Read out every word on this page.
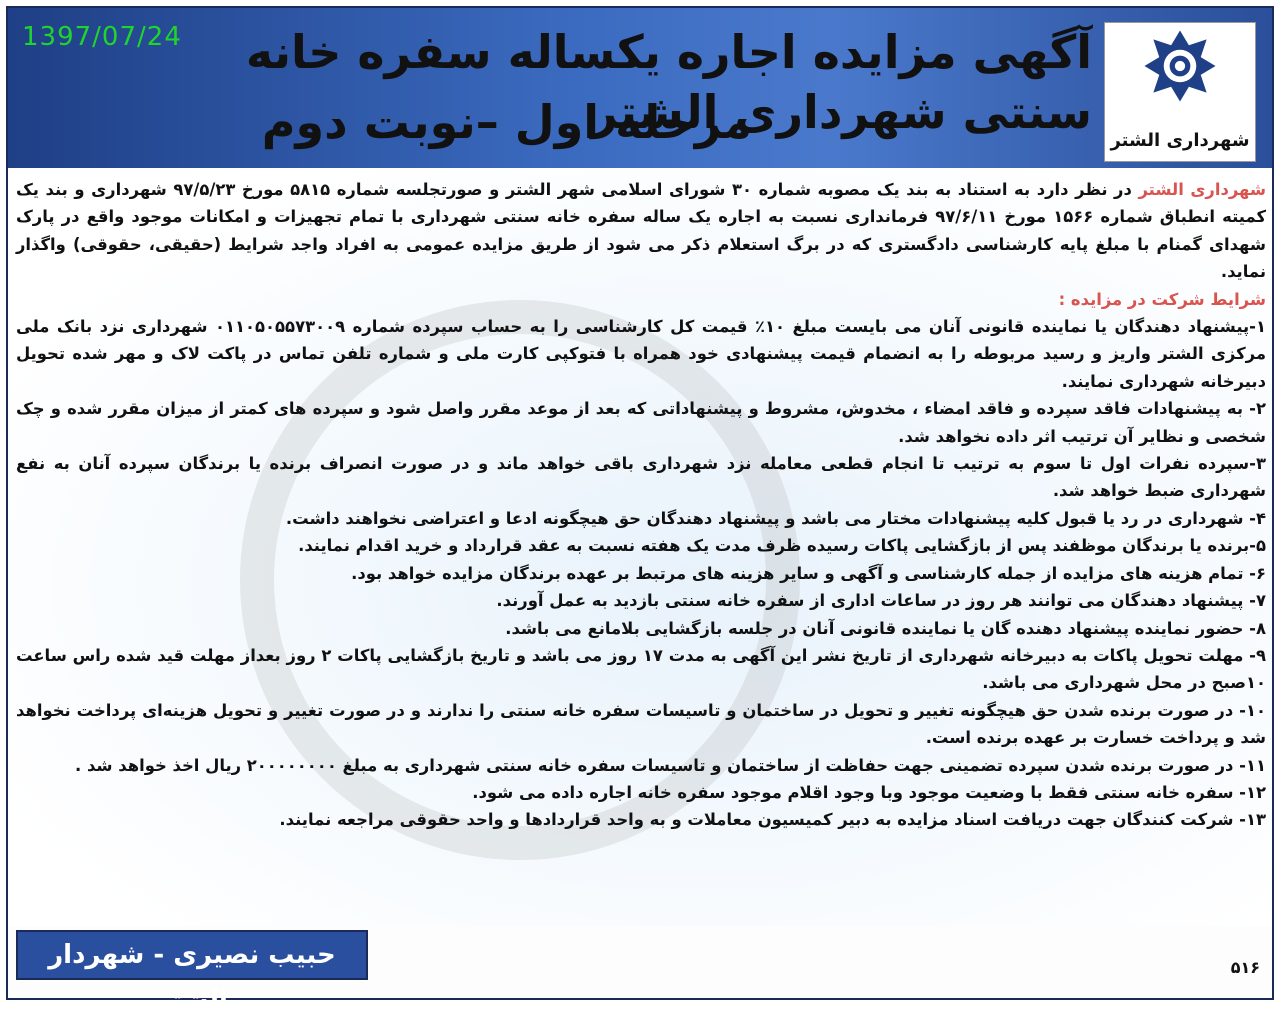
1397/07/24	آگهی مزایده اجاره یکساله سفره خانه سنتی شهرداری الشتر
مرحله اول –نوبت دوم	شهرداری الشتر

شهرداری الشتر در نظر دارد به استناد به بند یک مصوبه شماره ۳۰ شورای اسلامی شهر الشتر و صورتجلسه شماره ۵۸۱۵ مورخ ۹۷/۵/۲۳ شهرداری و بند یک کمیته انطباق شماره ۱۵۶۶ مورخ ۹۷/۶/۱۱ فرمانداری نسبت به اجاره یک ساله سفره خانه سنتی شهرداری با تمام تجهیزات و امکانات موجود واقع در پارک شهدای گمنام با مبلغ پایه کارشناسی دادگستری که در برگ استعلام ذکر می شود از طریق مزایده عمومی به افراد واجد شرایط (حقیقی، حقوقی) واگذار نماید.

شرایط شرکت در مزایده :

۱-پیشنهاد دهندگان یا نماینده قانونی آنان می بایست مبلغ ۱۰٪ قیمت کل کارشناسی را به حساب سپرده شماره ۰۱۱۰۵۰۵۵۷۳۰۰۹ شهرداری نزد بانک ملی مرکزی الشتر واریز و رسید مربوطه را به انضمام قیمت پیشنهادی خود همراه با فتوکپی کارت ملی و شماره تلفن تماس در پاکت لاک و مهر شده تحویل دبیرخانه شهرداری نمایند.

۲- به پیشنهادات فاقد سپرده و فاقد امضاء ، مخدوش، مشروط و پیشنهاداتی که بعد از موعد مقرر واصل شود و سپرده های کمتر از میزان مقرر شده و چک شخصی و نظایر آن ترتیب اثر داده نخواهد شد.

۳-سپرده نفرات اول تا سوم به ترتیب تا انجام قطعی معامله نزد شهرداری باقی خواهد ماند و در صورت انصراف برنده یا برندگان سپرده آنان به نفع شهرداری ضبط خواهد شد.

۴- شهرداری در رد یا قبول کلیه پیشنهادات مختار می باشد و پیشنهاد دهندگان حق هیچگونه ادعا و اعتراضی نخواهند داشت.

۵-برنده یا برندگان موظفند پس از بازگشایی پاکات رسیده ظرف مدت یک هفته نسبت به عقد قرارداد و خرید اقدام نمایند.

۶- تمام هزینه های مزایده از جمله کارشناسی و آگهی و سایر هزینه های مرتبط بر عهده برندگان مزایده خواهد بود.

۷- پیشنهاد دهندگان می توانند هر روز در ساعات اداری از سفره خانه سنتی بازدید به عمل آورند.

۸- حضور نماینده پیشنهاد دهنده گان یا نماینده قانونی آنان در جلسه بازگشایی بلامانع می باشد.

۹- مهلت تحویل پاکات به دبیرخانه شهرداری از تاریخ نشر این آگهی به مدت ۱۷ روز می باشد و تاریخ بازگشایی پاکات ۲ روز بعداز مهلت قید شده راس ساعت ۱۰صبح در محل شهرداری می باشد.

۱۰- در صورت برنده شدن حق هیچگونه تغییر و تحویل در ساختمان و تاسیسات سفره خانه سنتی را ندارند و در صورت تغییر و تحویل هزینه‌ای پرداخت نخواهد شد و پرداخت خسارت بر عهده برنده است.

۱۱- در صورت برنده شدن سپرده تضمینی جهت حفاظت از ساختمان و تاسیسات سفره خانه سنتی شهرداری به مبلغ ۲۰۰۰۰۰۰۰۰ ریال اخذ خواهد شد .

۱۲- سفره خانه سنتی فقط با وضعیت موجود وبا وجود اقلام موجود سفره خانه اجاره داده می شود.

۱۳- شرکت کنندگان جهت دریافت اسناد مزایده به دبیر کمیسیون معاملات و به واحد قراردادها و واحد حقوقی مراجعه نمایند.

حبیب نصیری - شهردار الشتر
۵۱۶
